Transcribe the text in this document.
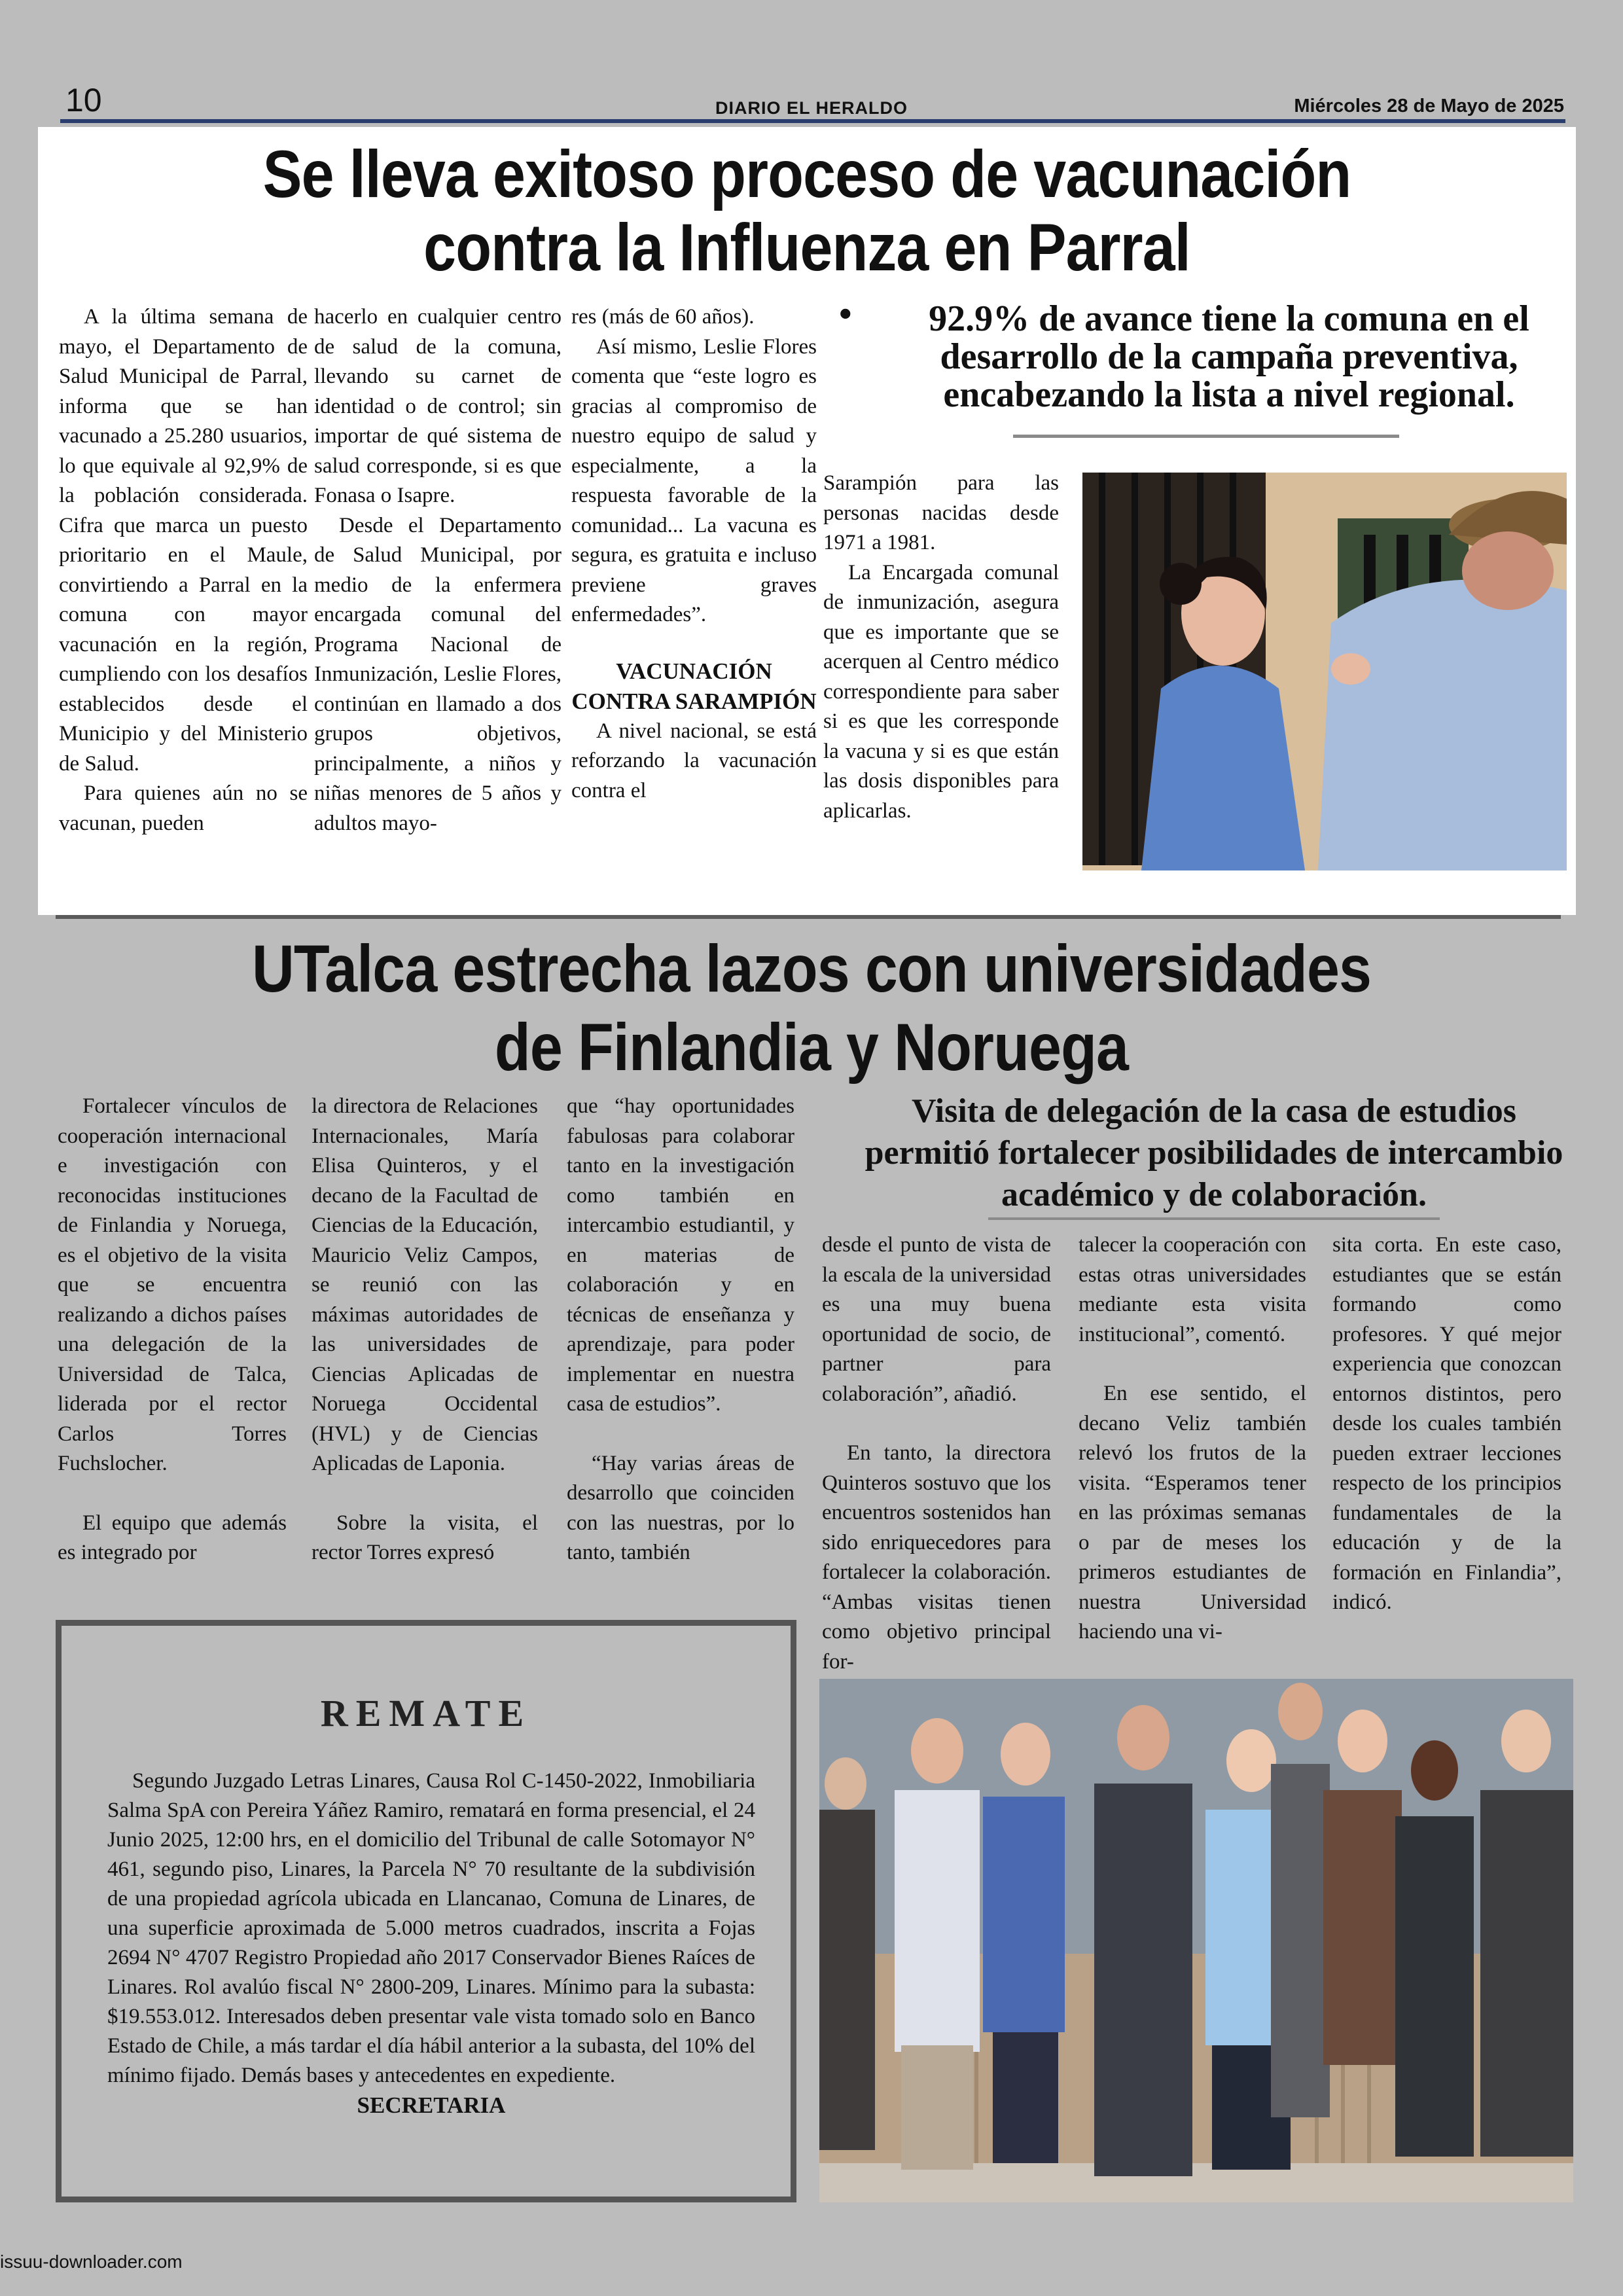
10	DIARIO EL HERALDO	Miércoles 28 de Mayo de 2025
Se lleva exitoso proceso de vacunación
contra la Influenza en Parral

A la última semana de mayo, el Departamento de Salud Municipal de Parral, informa que se han vacunado a 25.280 usuarios, lo que equivale al 92,9% de la población considerada. Cifra que marca un puesto prioritario en el Maule, convirtiendo a Parral en la comuna con mayor vacunación en la región, cumpliendo con los desafíos establecidos desde el Municipio y del Ministerio de Salud.

Para quienes aún no se vacunan, pueden

hacerlo en cualquier centro de salud de la comuna, llevando su carnet de identidad o de control; sin importar de qué sistema de salud corresponde, si es que Fonasa o Isapre.

Desde el Departamento de Salud Municipal, por medio de la enfermera encargada comunal del Programa Nacional de Inmunización, Leslie Flores, continúan en llamado a dos grupos objetivos, principalmente, a niños y niñas menores de 5 años y adultos mayo-

res (más de 60 años).

Así mismo, Leslie Flores comenta que “este logro es gracias al compromiso de nuestro equipo de salud y especialmente, a la respuesta favorable de la comunidad... La vacuna es segura, es gratuita e incluso previene graves enfermedades”.

VACUNACIÓN CONTRA SARAMPIÓN

A nivel nacional, se está reforzando la vacunación contra el

•	92.9% de avance tiene la comuna en el desarrollo de la campaña preventiva, encabezando la lista a nivel regional.

Sarampión para las personas nacidas desde 1971 a 1981.

La Encargada comunal de inmunización, asegura que es importante que se acerquen al Centro médico correspondiente para saber si es que les corresponde la vacuna y si es que están las dosis disponibles para aplicarlas.

UTalca estrecha lazos con universidades
de Finlandia y Noruega

Fortalecer vínculos de cooperación internacional e investigación con reconocidas instituciones de Finlandia y Noruega, es el objetivo de la visita que se encuentra realizando a dichos países una delegación de la Universidad de Talca, liderada por el rector Carlos Torres Fuchslocher.

El equipo que además es integrado por

la directora de Relaciones Internacionales, María Elisa Quinteros, y el decano de la Facultad de Ciencias de la Educación, Mauricio Veliz Campos, se reunió con las máximas autoridades de las universidades de Ciencias Aplicadas de Noruega Occidental (HVL) y de Ciencias Aplicadas de Laponia.

Sobre la visita, el rector Torres expresó

que “hay oportunidades fabulosas para colaborar tanto en la investigación como también en intercambio estudiantil, y en materias de colaboración y en técnicas de enseñanza y aprendizaje, para poder implementar en nuestra casa de estudios”.

“Hay varias áreas de desarrollo que coinciden con las nuestras, por lo tanto, también

Visita de delegación de la casa de estudios permitió fortalecer posibilidades de intercambio académico y de colaboración.

desde el punto de vista de la escala de la universidad es una muy buena oportunidad de socio, de partner para colaboración”, añadió.

En tanto, la directora Quinteros sostuvo que los encuentros sostenidos han sido enriquecedores para fortalecer la colaboración. “Ambas visitas tienen como objetivo principal for-

talecer la cooperación con estas otras universidades mediante esta visita institucional”, comentó.

En ese sentido, el decano Veliz también relevó los frutos de la visita. “Esperamos tener en las próximas semanas o par de meses los primeros estudiantes de nuestra Universidad haciendo una vi-

sita corta. En este caso, estudiantes que se están formando como profesores. Y qué mejor experiencia que conozcan entornos distintos, pero desde los cuales también pueden extraer lecciones respecto de los principios fundamentales de la educación y de la formación en Finlandia”, indicó.

REMATE

Segundo Juzgado Letras Linares, Causa Rol C-1450-2022, Inmobiliaria Salma SpA con Pereira Yáñez Ramiro, rematará en forma presencial, el 24 Junio 2025, 12:00 hrs, en el domicilio del Tribunal de calle Sotomayor N° 461, segundo piso, Linares, la Parcela N° 70 resultante de la subdivisión de una propiedad agrícola ubicada en Llancanao, Comuna de Linares, de una superficie aproximada de 5.000 metros cuadrados, inscrita a Fojas 2694 N° 4707 Registro Propiedad año 2017 Conservador Bienes Raíces de Linares. Rol avalúo fiscal N° 2800-209, Linares. Mínimo para la subasta: $19.553.012. Interesados deben presentar vale vista tomado solo en Banco Estado de Chile, a más tardar el día hábil anterior a la subasta, del 10% del mínimo fijado. Demás bases y antecedentes en expediente.

SECRETARIA
issuu-downloader.com
